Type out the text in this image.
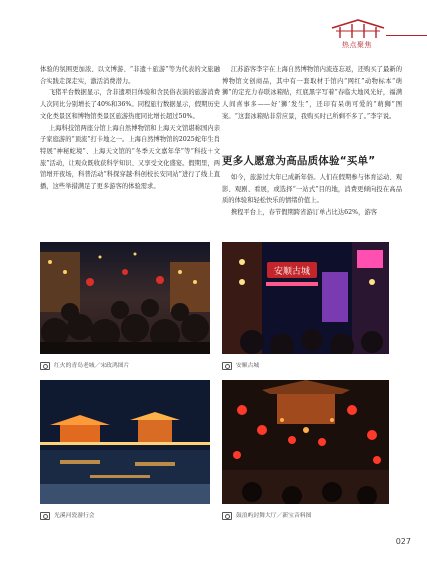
热点聚焦

体验的氛围更加浓、以文博游、“非遗＋旅游”等为代表的文旅融合实践走深走实，激活消费潜力。

飞猪平台数据显示，含非遗项目体验和含民俗表演的旅游消费人次同比分别增长了40%和36%。同程旅行数据显示，假期历史文化类景区和博物馆类景区旅游热度同比增长超过50%。

上海科技馆两座分馆上海自然博物馆和上海天文馆堪称国内亲子家庭游的“顶流”打卡地之一。上海自然博物馆的2025蛇年生肖特展“神秘蛇境”、上海天文馆的“冬季天文嘉年华”等“科技＋文旅”活动，让观众既收获科学知识、又享受文化盛宴。假期里，两馆增开夜场，科普活动“科探穿越·科创校长安同站”进行了线上直播，这些举措满足了更多游客的体验需求。

江苏游客李宇在上海自然博物馆内流连忘返，还购买了最新的博物馆文创商品，其中有一套取材于馆内“网红”动物标本“萌狮”的定充力春联冰箱贴，红底黑字写着“春临大地风光好，福满人间喜事多——好‘狮’发生”，还印有呆萌可爱的“萌狮”图案。“这套冰箱贴非常应景，我购买时已所剩不多了。”李宇说。

更多人愿意为高品质体验“买单”

如今，旅游过大年已成新年俗。人们在假期参与体育运动、观影、观剧、看展，或选择“一站式”目的地，消费更倾向投在高品质的体验和轻松快乐的情绪价值上。

携程平台上，春节假期跨省游订单占比达62%，游客

红火的青岛老城／宋政鸿图片
安顺古城
安顺古城
光溪河瓷游行会	鼓浪屿封舞大厅／新宝音料图
027
